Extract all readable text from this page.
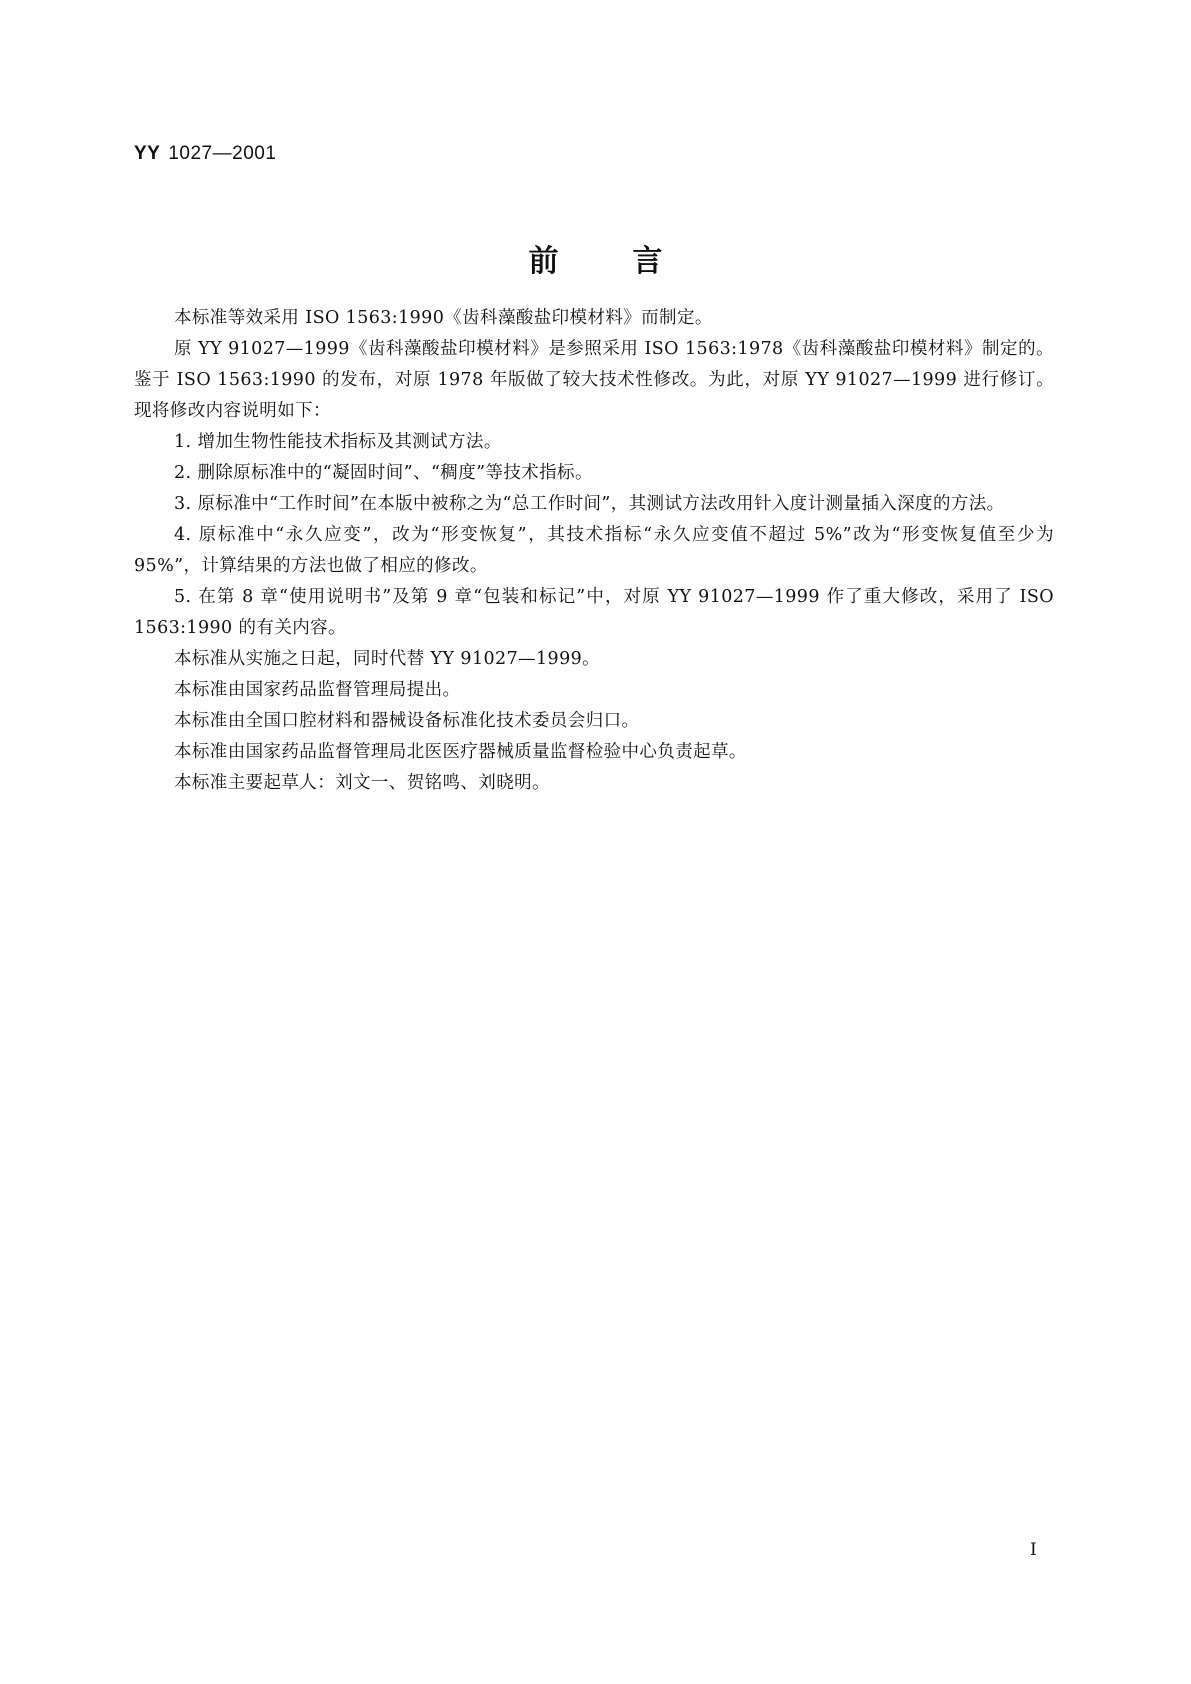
YY 1027—2001
前 言

本标准等效采用 ISO 1563:1990《齿科藻酸盐印模材料》而制定。

原 YY 91027—1999《齿科藻酸盐印模材料》是参照采用 ISO 1563:1978《齿科藻酸盐印模材料》制定的。鉴于 ISO 1563:1990 的发布，对原 1978 年版做了较大技术性修改。为此，对原 YY 91027—1999 进行修订。现将修改内容说明如下：

1. 增加生物性能技术指标及其测试方法。

2. 删除原标准中的“凝固时间”、“稠度”等技术指标。

3. 原标准中“工作时间”在本版中被称之为“总工作时间”，其测试方法改用针入度计测量插入深度的方法。

4. 原标准中“永久应变”，改为“形变恢复”，其技术指标“永久应变值不超过 5%”改为“形变恢复值至少为 95%”，计算结果的方法也做了相应的修改。

5. 在第 8 章“使用说明书”及第 9 章“包装和标记”中，对原 YY 91027—1999 作了重大修改，采用了 ISO 1563:1990 的有关内容。

本标准从实施之日起，同时代替 YY 91027—1999。

本标准由国家药品监督管理局提出。

本标准由全国口腔材料和器械设备标准化技术委员会归口。

本标准由国家药品监督管理局北医医疗器械质量监督检验中心负责起草。

本标准主要起草人：刘文一、贺铭鸣、刘晓明。

I
